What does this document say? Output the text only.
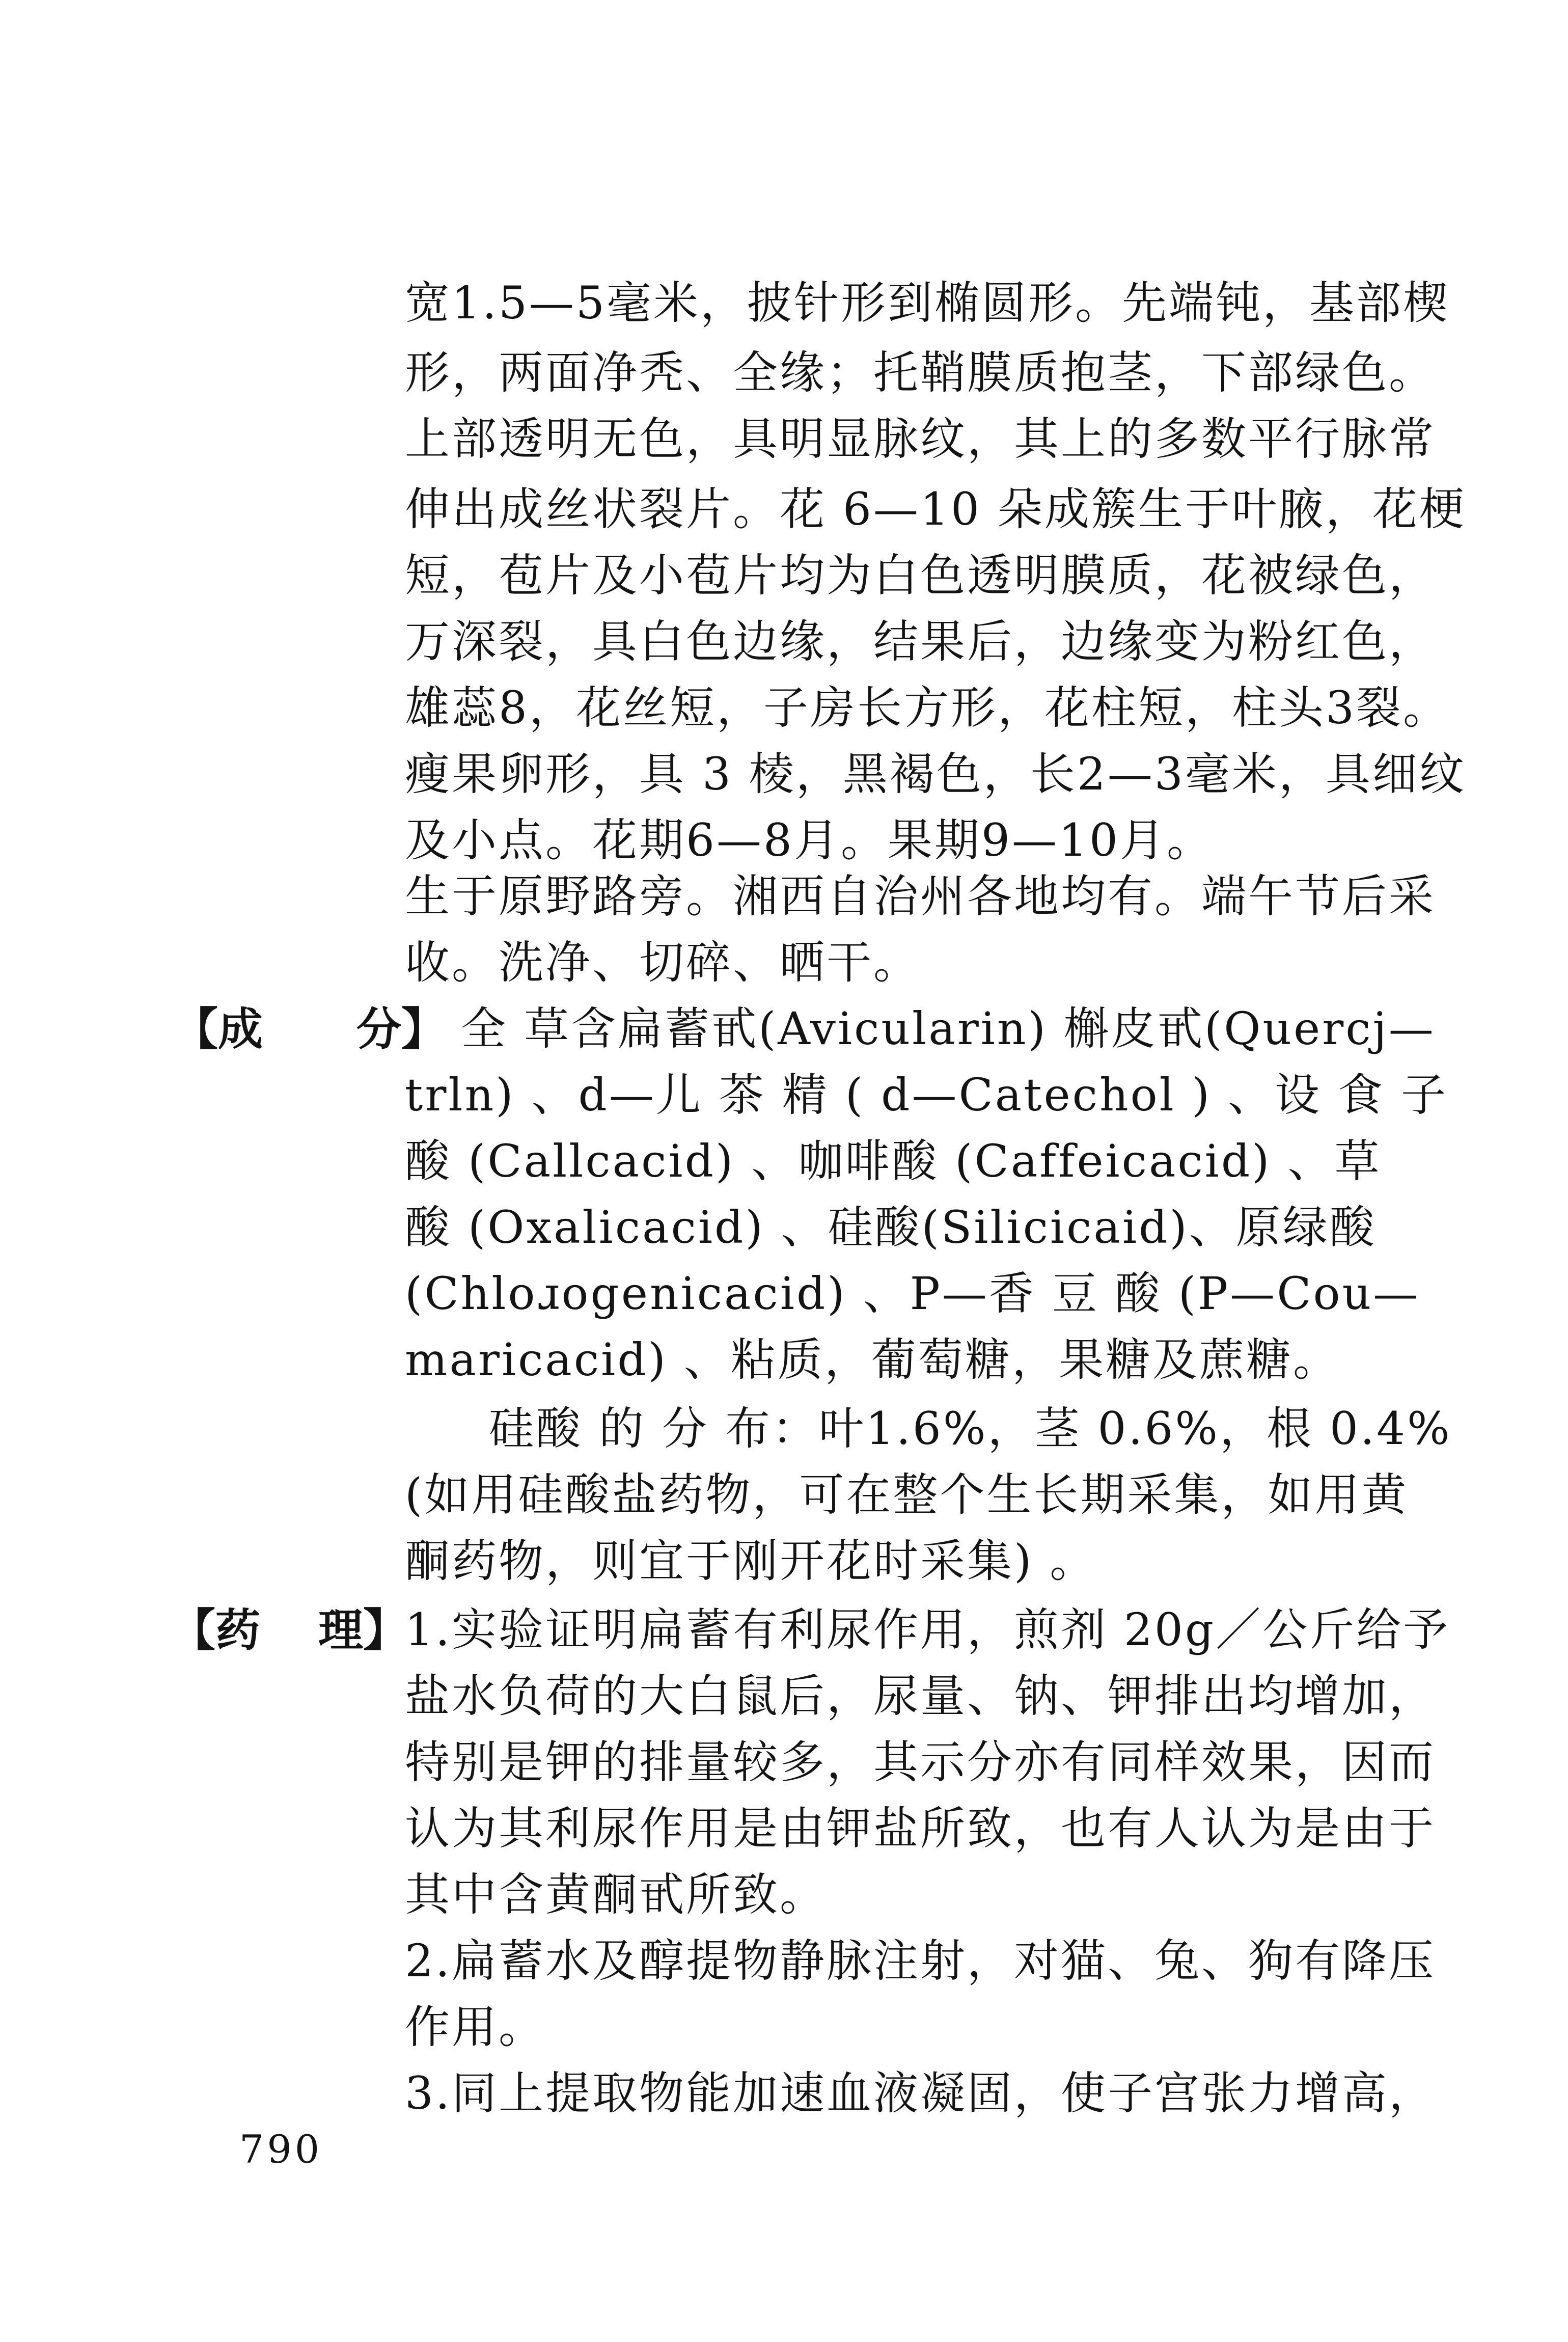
宽1.5—5毫米，披针形到椭圆形。先端钝，基部楔
形，两面净秃、全缘；托鞘膜质抱茎，下部绿色。
上部透明无色，具明显脉纹，其上的多数平行脉常
伸出成丝状裂片。花 6—10 朵成簇生于叶腋，花梗
短，苞片及小苞片均为白色透明膜质，花被绿色，
万深裂，具白色边缘，结果后，边缘变为粉红色，
雄蕊8，花丝短，子房长方形，花柱短，柱头3裂。
瘦果卵形，具 3 棱，黑褐色，长2—3毫米，具细纹
及小点。花期6—8月。果期9—10月。
生于原野路旁。湘西自治州各地均有。端午节后采
收。洗净、切碎、晒干。
【成 分】 全 草含扁蓄甙(Avicularin) 槲皮甙(Quercj—
trln) 、d—儿 茶 精 ( d—Catechol ) 、设 食 子
酸 (Callcacid) 、咖啡酸 (Caffeicacid) 、草
酸 (Oxalicacid) 、硅酸(Silicicaid)、原绿酸
(Chloɹogenicacid) 、P—香 豆 酸 (P—Cou—
maricacid) 、粘质，葡萄糖，果糖及蔗糖。
硅酸 的 分 布：叶1.6%，茎 0.6%，根 0.4%
(如用硅酸盐药物，可在整个生长期采集，如用黄
酮药物，则宜于刚开花时采集) 。
【药 理】
1.实验证明扁蓄有利尿作用，煎剂 20g／公斤给予
盐水负荷的大白鼠后，尿量、钠、钾排出均增加，
特别是钾的排量较多，其示分亦有同样效果，因而
认为其利尿作用是由钾盐所致，也有人认为是由于
其中含黄酮甙所致。
2.扁蓄水及醇提物静脉注射，对猫、兔、狗有降压
作用。
3.同上提取物能加速血液凝固，使子宫张力增高，
790
